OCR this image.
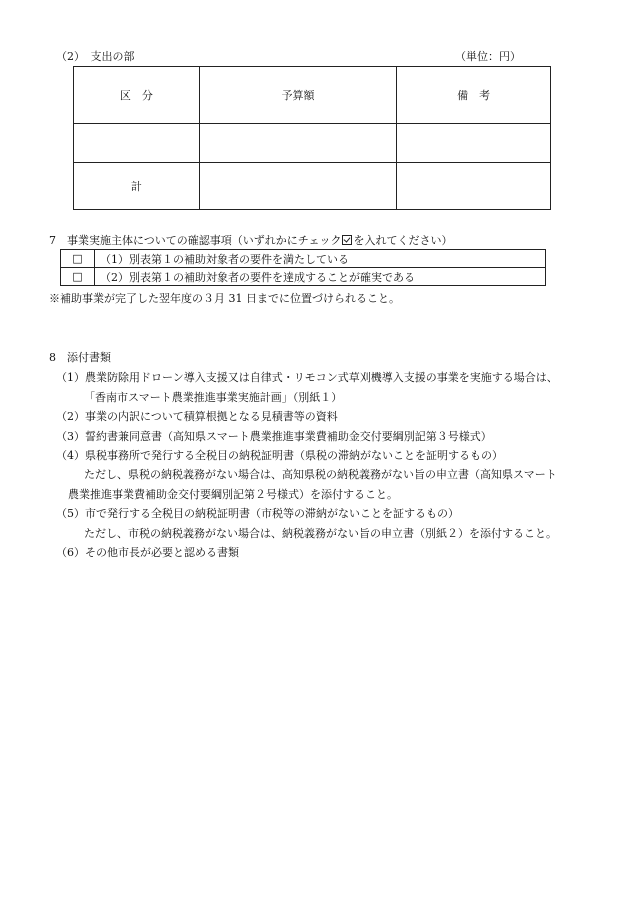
（2）　支出の部	（単位：円）
区　分	予算額	備　考

計		
7　事業実施主体についての確認事項（いずれかにチェック を入れてください）
□	（1）別表第１の補助対象者の要件を満たしている
□	（2）別表第１の補助対象者の要件を達成することが確実である
※補助事業が完了した翌年度の３月 31 日までに位置づけられること。
8　添付書類
（1）農業防除用ドローン導入支援又は自律式・リモコン式草刈機導入支援の事業を実施する場合は、
「香南市スマート農業推進事業実施計画」（別紙１）
（2）事業の内訳について積算根拠となる見積書等の資料
（3）誓約書兼同意書（高知県スマート農業推進事業費補助金交付要綱別記第３号様式）
（4）県税事務所で発行する全税目の納税証明書（県税の滞納がないことを証明するもの）
ただし、県税の納税義務がない場合は、高知県税の納税義務がない旨の申立書（高知県スマート
農業推進事業費補助金交付要綱別記第２号様式）を添付すること。
（5）市で発行する全税目の納税証明書（市税等の滞納がないことを証するもの）
ただし、市税の納税義務がない場合は、納税義務がない旨の申立書（別紙２）を添付すること。
（6）その他市長が必要と認める書類
